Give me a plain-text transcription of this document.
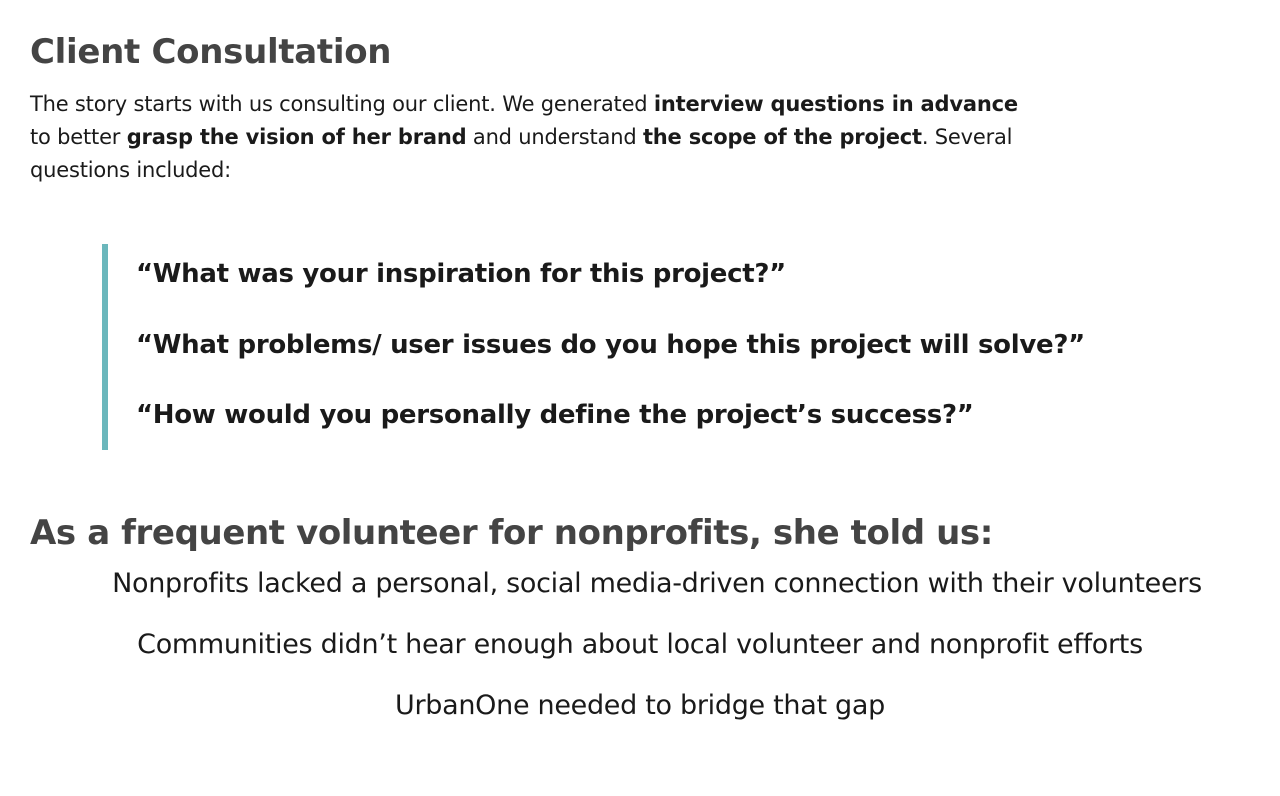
Client Consultation

The story starts with us consulting our client. We generated interview questions in advance to better grasp the vision of her brand and understand the scope of the project. Several questions included:

“What was your inspiration for this project?”

“What problems/ user issues do you hope this project will solve?”

“How would you personally define the project’s success?”

As a frequent volunteer for nonprofits, she told us:

Nonprofits lacked a personal, social media-driven connection with their volunteers

Communities didn’t hear enough about local volunteer and nonprofit efforts

UrbanOne needed to bridge that gap
